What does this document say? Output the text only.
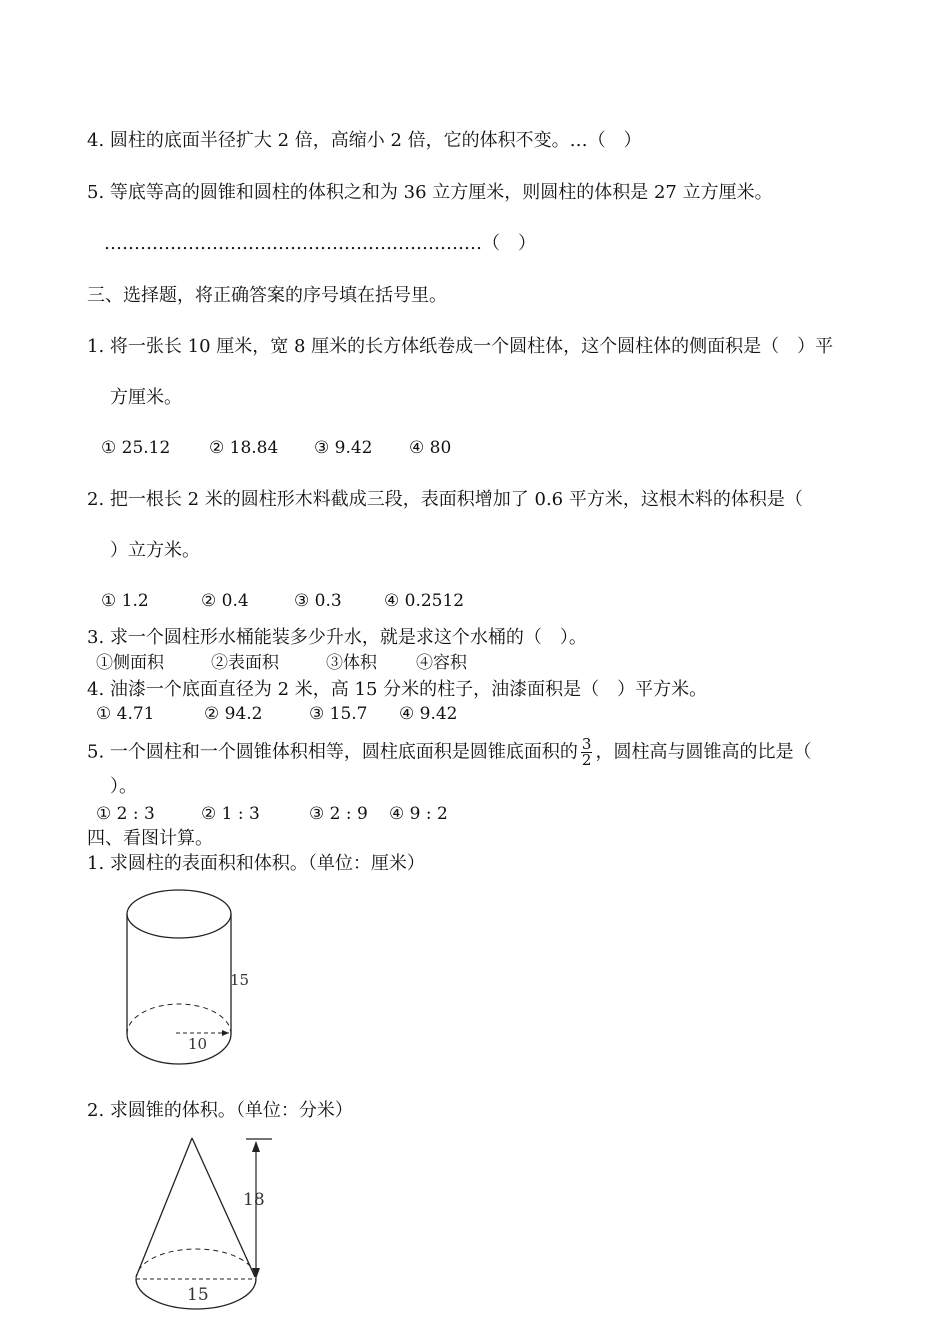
4. 圆柱的底面半径扩大 2 倍，高缩小 2 倍，它的体积不变。…（　）
5. 等底等高的圆锥和圆柱的体积之和为 36 立方厘米，则圆柱的体积是 27 立方厘米。
………………………………………………………（　）
三、选择题，将正确答案的序号填在括号里。
1. 将一张长 10 厘米，宽 8 厘米的长方体纸卷成一个圆柱体，这个圆柱体的侧面积是（　）平
方厘米。
① 25.12 ② 18.84 ③ 9.42 ④ 80
2. 把一根长 2 米的圆柱形木料截成三段，表面积增加了 0.6 平方米，这根木料的体积是（
）立方米。
① 1.2	② 0.4	③ 0.3 ④ 0.2512
3. 求一个圆柱形水桶能装多少升水，就是求这个水桶的（　）。
①侧面积	②表面积	③体积 ④容积
4. 油漆一个底面直径为 2 米，高 15 分米的柱子，油漆面积是（　）平方米。
① 4.71	② 94.2	③ 15.7 ④ 9.42
5. 一个圆柱和一个圆锥体积相等，圆柱底面积是圆锥底面积的 $\frac{3}{2}$ ，圆柱高与圆锥高的比是（
）。
① 2 : 3	② 1 : 3	③ 2 : 9 ④ 9 : 2
四、看图计算。
1. 求圆柱的表面积和体积。（单位：厘米）
15
10
2. 求圆锥的体积。（单位：分米）
18
15
